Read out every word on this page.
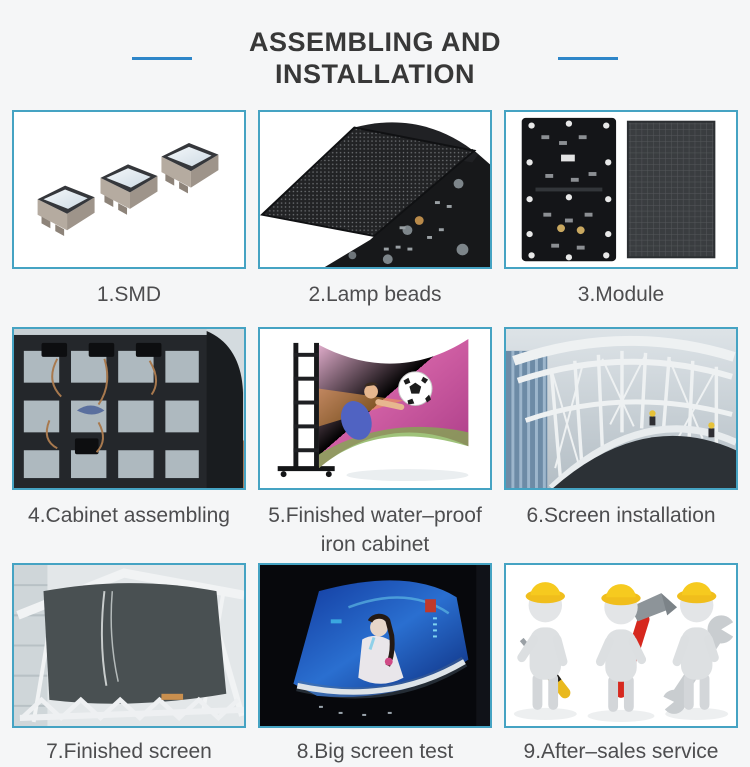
ASSEMBLING AND INSTALLATION
1.SMD	2.Lamp beads	3.Module
4.Cabinet assembling	5.Finished water–proof iron cabinet
6.Screen installation
7.Finished screen	8.Big screen test	9.After–sales service
